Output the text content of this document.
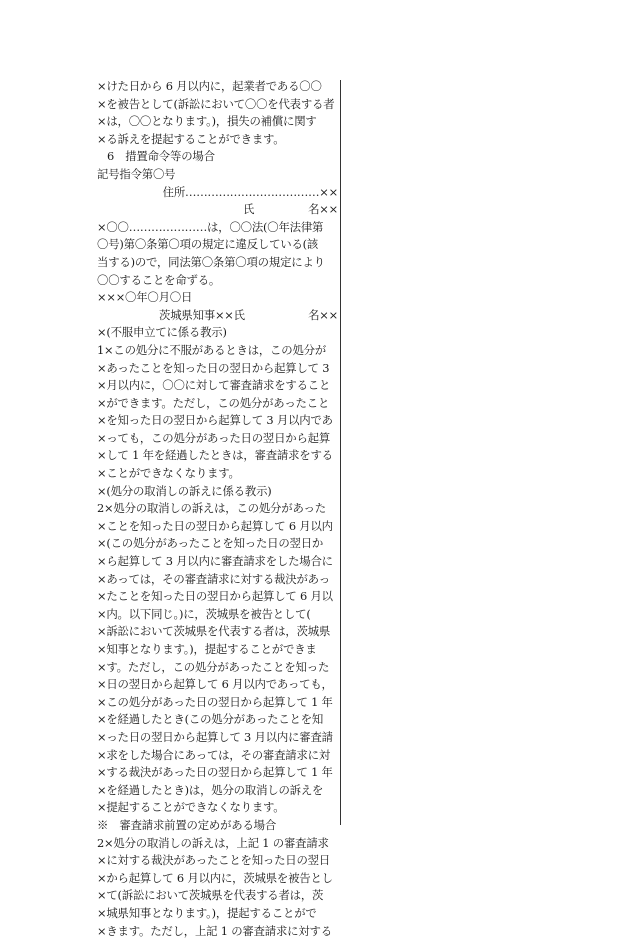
×けた日から 6 月以内に，起業者である〇〇
×を被告として(訴訟において〇〇を代表する者
×は，〇〇となります。)，損失の補償に関す
×る訴えを提起することができます。
6　措置命令等の場合
記号指令第〇号
住所………………………………××
氏	名××
×〇〇…………………は，〇〇法(〇年法律第
〇号)第〇条第〇項の規定に違反している(該
当する)ので，同法第〇条第〇項の規定により
〇〇することを命ずる。
×××〇年〇月〇日
茨城県知事××氏	名××
×(不服申立てに係る教示)
1×この処分に不服があるときは，この処分が
×あったことを知った日の翌日から起算して 3
×月以内に，〇〇に対して審査請求をすること
×ができます。ただし，この処分があったこと
×を知った日の翌日から起算して 3 月以内であ
×っても，この処分があった日の翌日から起算
×して 1 年を経過したときは，審査請求をする
×ことができなくなります。
×(処分の取消しの訴えに係る教示)
2×処分の取消しの訴えは，この処分があった
×ことを知った日の翌日から起算して 6 月以内
×(この処分があったことを知った日の翌日か
×ら起算して 3 月以内に審査請求をした場合に
×あっては，その審査請求に対する裁決があっ
×たことを知った日の翌日から起算して 6 月以
×内。以下同じ。)に，茨城県を被告として(
×訴訟において茨城県を代表する者は，茨城県
×知事となります。)，提起することができま
×す。ただし，この処分があったことを知った
×日の翌日から起算して 6 月以内であっても，
×この処分があった日の翌日から起算して 1 年
×を経過したとき(この処分があったことを知
×った日の翌日から起算して 3 月以内に審査請
×求をした場合にあっては，その審査請求に対
×する裁決があった日の翌日から起算して 1 年
×を経過したとき)は，処分の取消しの訴えを
×提起することができなくなります。
※　審査請求前置の定めがある場合
2×処分の取消しの訴えは，上記 1 の審査請求
×に対する裁決があったことを知った日の翌日
×から起算して 6 月以内に，茨城県を被告とし
×て(訴訟において茨城県を代表する者は，茨
×城県知事となります。)，提起することがで
×きます。ただし，上記 1 の審査請求に対する
